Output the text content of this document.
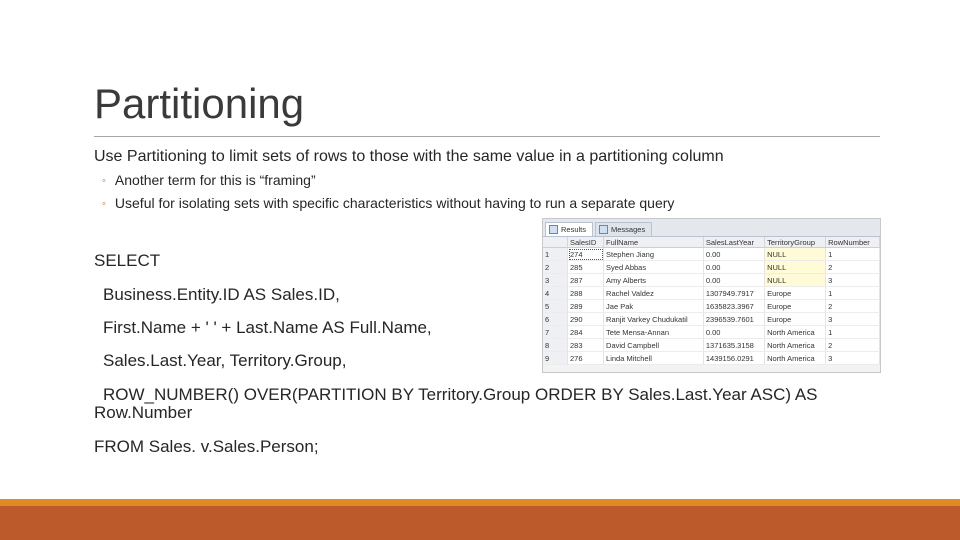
Partitioning
Use Partitioning to limit sets of rows to those with the same value in a partitioning column
◦ Another term for this is “framing”
◦ Useful for isolating sets with specific characteristics without having to run a separate query
SELECT
Business.Entity.ID AS Sales.ID,
First.Name + ' ' + Last.Name AS Full.Name,
Sales.Last.Year, Territory.Group,
ROW_NUMBER() OVER(PARTITION BY Territory.Group ORDER BY Sales.Last.Year ASC) AS
Row.Number
FROM Sales. v.Sales.Person;
Results	Messages
	SalesID	FullName	SalesLastYear	TerritoryGroup	RowNumber
1	274	Stephen Jiang	0.00	NULL	1
2	285	Syed Abbas	0.00	NULL	2
3	287	Amy Alberts	0.00	NULL	3
4	288	Rachel Valdez	1307949.7917	Europe	1
5	289	Jae Pak	1635823.3967	Europe	2
6	290	Ranjit Varkey Chudukatil	2396539.7601	Europe	3
7	284	Tete Mensa-Annan	0.00	North America	1
8	283	David Campbell	1371635.3158	North America	2
9	276	Linda Mitchell	1439156.0291	North America	3
